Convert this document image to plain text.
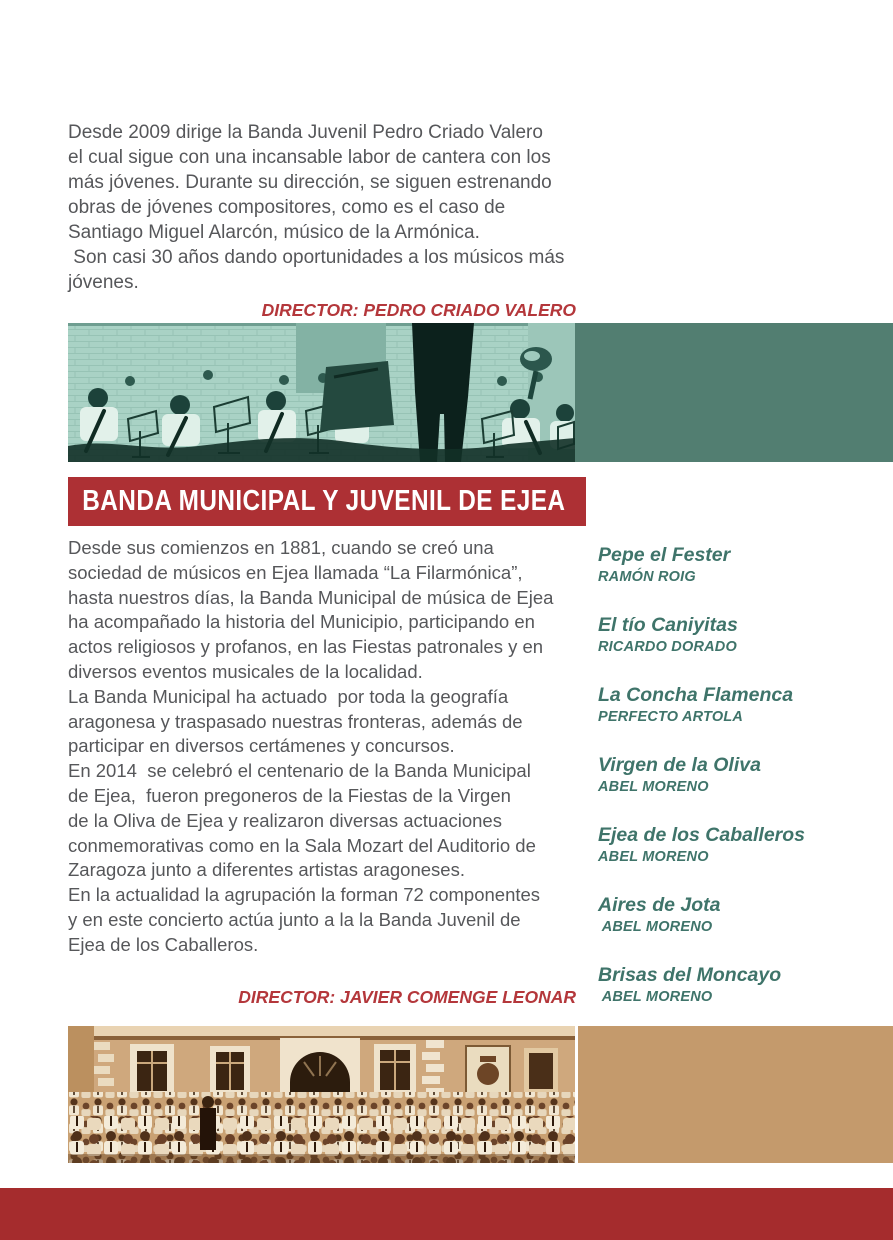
Desde 2009 dirige la Banda Juvenil Pedro Criado Valero
el cual sigue con una incansable labor de cantera con los
más jóvenes. Durante su dirección, se siguen estrenando
obras de jóvenes compositores, como es el caso de
Santiago Miguel Alarcón, músico de la Armónica.
Son casi 30 años dando oportunidades a los músicos más
jóvenes.
DIRECTOR: PEDRO CRIADO VALERO
BANDA MUNICIPAL Y JUVENIL DE EJEA
Desde sus comienzos en 1881, cuando se creó una
sociedad de músicos en Ejea llamada “La Filarmónica”,
hasta nuestros días, la Banda Municipal de música de Ejea
ha acompañado la historia del Municipio, participando en
actos religiosos y profanos, en las Fiestas patronales y en
diversos eventos musicales de la localidad.
La Banda Municipal ha actuado  por toda la geografía
aragonesa y traspasado nuestras fronteras, además de
participar en diversos certámenes y concursos.
En 2014  se celebró el centenario de la Banda Municipal
de Ejea,  fueron pregoneros de la Fiestas de la Virgen
de la Oliva de Ejea y realizaron diversas actuaciones
conmemorativas como en la Sala Mozart del Auditorio de
Zaragoza junto a diferentes artistas aragoneses.
En la actualidad la agrupación la forman 72 componentes
y en este concierto actúa junto a la la Banda Juvenil de
Ejea de los Caballeros.
DIRECTOR: JAVIER COMENGE LEONAR
Pepe el Fester
RAMÓN ROIG
El tío Caniyitas
RICARDO DORADO
La Concha Flamenca
PERFECTO ARTOLA
Virgen de la Oliva
ABEL MORENO
Ejea de los Caballeros
ABEL MORENO
Aires de Jota
ABEL MORENO
Brisas del Moncayo
ABEL MORENO
